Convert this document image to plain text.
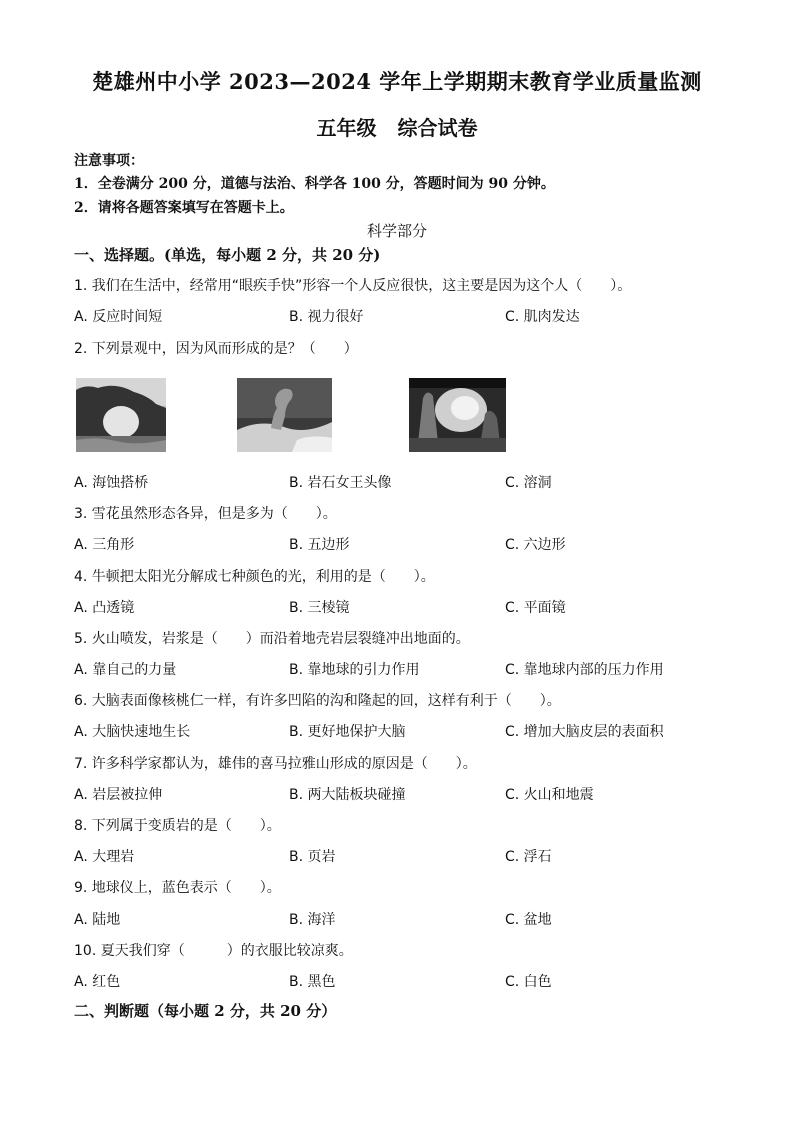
楚雄州中小学 2023—2024 学年上学期期末教育学业质量监测
五年级 综合试卷
注意事项：
1．全卷满分 200 分，道德与法治、科学各 100 分，答题时间为 90 分钟。
2．请将各题答案填写在答题卡上。
科学部分
一、选择题。(单选，每小题 2 分，共 20 分)
1. 我们在生活中，经常用“眼疾手快”形容一个人反应很快，这主要是因为这个人（　　）。
A. 反应时间短	B. 视力很好	C. 肌肉发达
2. 下列景观中，因为风而形成的是？（　　）
A. 海蚀搭桥	B. 岩石女王头像	C. 溶洞
3. 雪花虽然形态各异，但是多为（　　）。
A. 三角形	B. 五边形	C. 六边形
4. 牛顿把太阳光分解成七种颜色的光，利用的是（　　）。
A. 凸透镜	B. 三棱镜	C. 平面镜
5. 火山喷发，岩浆是（　　）而沿着地壳岩层裂缝冲出地面的。
A. 靠自己的力量	B. 靠地球的引力作用	C. 靠地球内部的压力作用
6. 大脑表面像核桃仁一样，有许多凹陷的沟和隆起的回，这样有利于（　　）。
A. 大脑快速地生长	B. 更好地保护大脑	C. 增加大脑皮层的表面积
7. 许多科学家都认为，雄伟的喜马拉雅山形成的原因是（　　）。
A. 岩层被拉伸	B. 两大陆板块碰撞	C. 火山和地震
8. 下列属于变质岩的是（　　）。
A. 大理岩	B. 页岩	C. 浮石
9. 地球仪上，蓝色表示（　　）。
A. 陆地	B. 海洋	C. 盆地
10. 夏天我们穿（　　　）的衣服比较凉爽。
A. 红色	B. 黑色	C. 白色
二、判断题（每小题 2 分，共 20 分）
